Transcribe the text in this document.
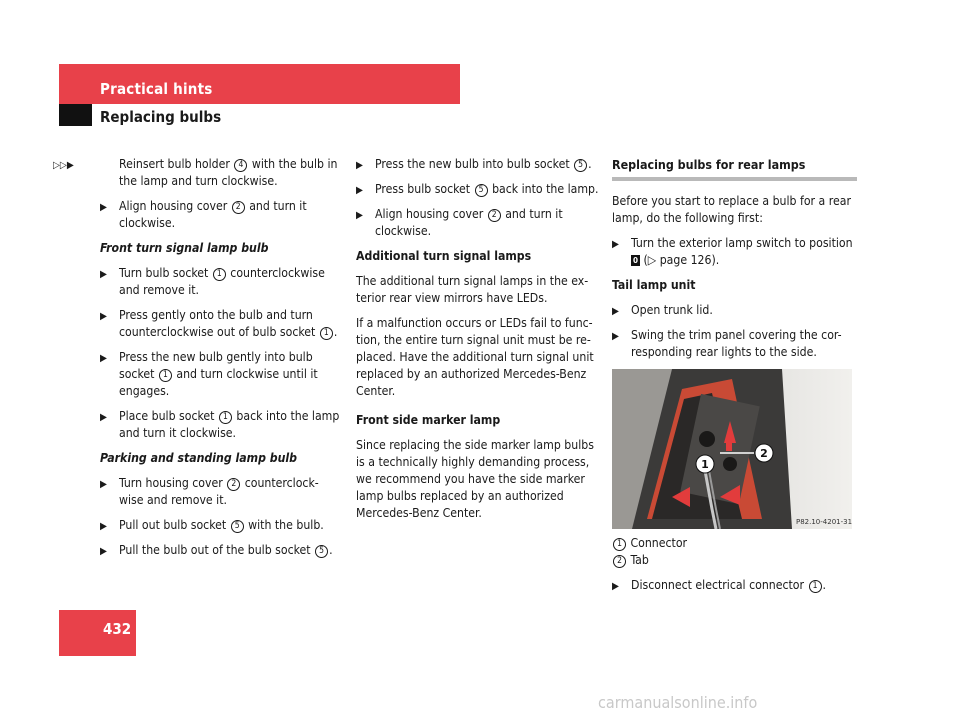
Practical hints
Replacing bulbs
▷▷▶	Reinsert bulb holder 4 with the bulb in the lamp and turn clockwise.
▶ Align housing cover 2 and turn it clockwise.
Front turn signal lamp bulb
▶ Turn bulb socket 1 counterclockwise and remove it.
▶ Press gently onto the bulb and turn counterclockwise out of bulb socket 1 .
▶ Press the new bulb gently into bulb socket 1 and turn clockwise until it engages.
▶ Place bulb socket 1 back into the lamp and turn it clockwise.
Parking and standing lamp bulb
▶ Turn housing cover 2 counterclock-wise and remove it.
▶ Pull out bulb socket 5 with the bulb.
▶ Pull the bulb out of the bulb socket 5 .
▶ Press the new bulb into bulb socket 5 .
▶ Press bulb socket 5 back into the lamp.
▶ Align housing cover 2 and turn it clockwise.
Additional turn signal lamps

The additional turn signal lamps in the ex-terior rear view mirrors have LEDs.

If a malfunction occurs or LEDs fail to func-tion, the entire turn signal unit must be re-placed. Have the additional turn signal unit replaced by an authorized Mercedes-Benz Center.

Front side marker lamp

Since replacing the side marker lamp bulbs is a technically highly demanding process, we recommend you have the side marker lamp bulbs replaced by an authorized Mercedes-Benz Center.

Replacing bulbs for rear lamps

Before you start to replace a bulb for a rear lamp, do the following first:

▶ Turn the exterior lamp switch to position 0 (▷ page 126).
Tail lamp unit
▶ Open trunk lid.
▶ Swing the trim panel covering the cor-responding rear lights to the side.
1
2
P82.10-4201-31

1 Connector

2 Tab

▶ Disconnect electrical connector 1 .
432
carmanualsonline.info
